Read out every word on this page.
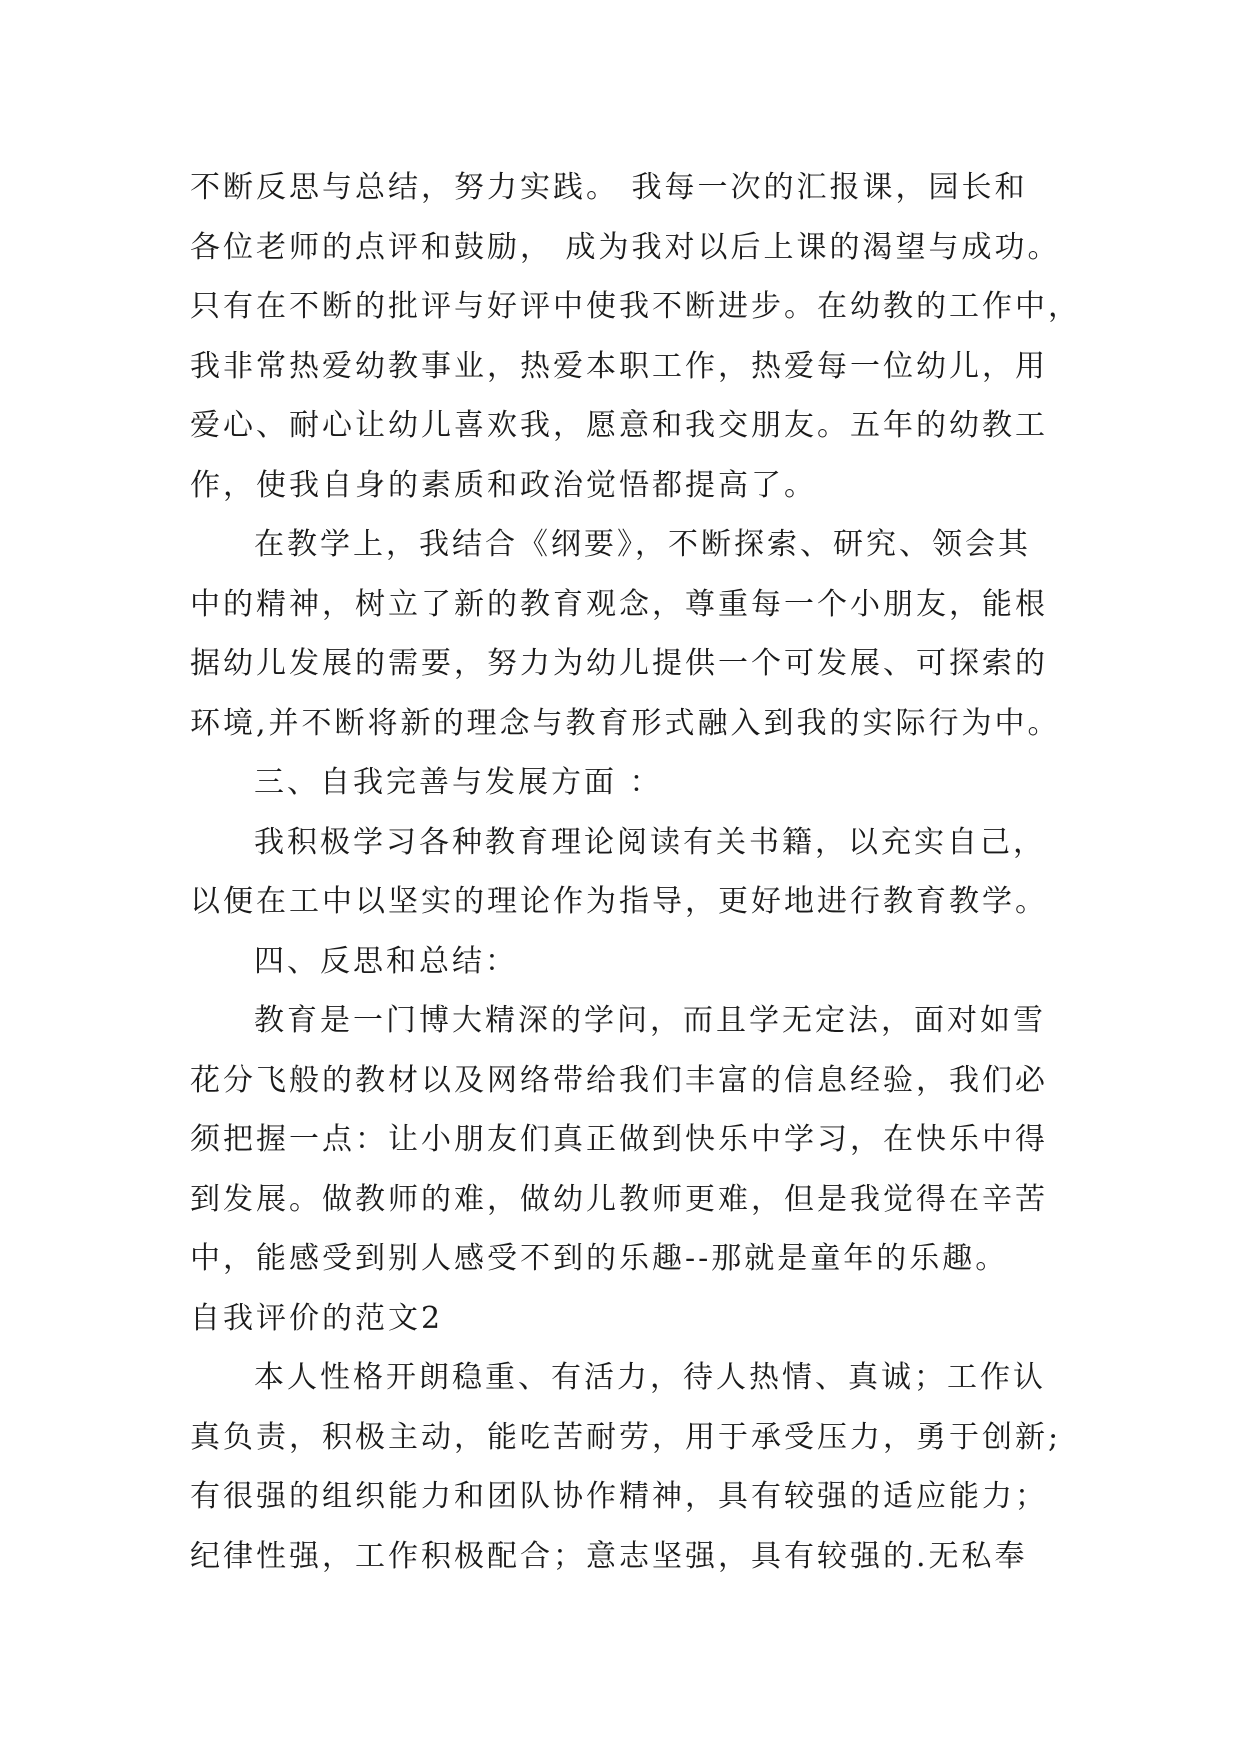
不断反思与总结，努力实践。 我每一次的汇报课，园长和
各位老师的点评和鼓励， 成为我对以后上课的渴望与成功。
只有在不断的批评与好评中使我不断进步。在幼教的工作中，
我非常热爱幼教事业，热爱本职工作，热爱每一位幼儿，用
爱心、耐心让幼儿喜欢我，愿意和我交朋友。五年的幼教工
作，使我自身的素质和政治觉悟都提高了。
在教学上，我结合《纲要》，不断探索、研究、领会其
中的精神，树立了新的教育观念，尊重每一个小朋友，能根
据幼儿发展的需要，努力为幼儿提供一个可发展、可探索的
环境,并不断将新的理念与教育形式融入到我的实际行为中。
三、自我完善与发展方面 ：
我积极学习各种教育理论阅读有关书籍，以充实自己，
以便在工中以坚实的理论作为指导，更好地进行教育教学。
四、反思和总结：
教育是一门博大精深的学问，而且学无定法，面对如雪
花分飞般的教材以及网络带给我们丰富的信息经验，我们必
须把握一点：让小朋友们真正做到快乐中学习，在快乐中得
到发展。做教师的难，做幼儿教师更难，但是我觉得在辛苦
中，能感受到别人感受不到的乐趣--那就是童年的乐趣。
自我评价的范文2
本人性格开朗稳重、有活力，待人热情、真诚；工作认
真负责，积极主动，能吃苦耐劳，用于承受压力，勇于创新;
有很强的组织能力和团队协作精神，具有较强的适应能力；
纪律性强，工作积极配合；意志坚强，具有较强的.无私奉
